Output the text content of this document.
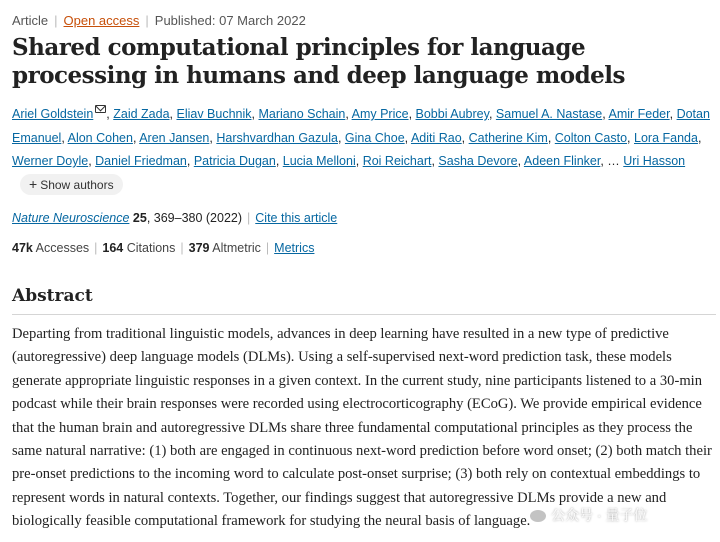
Article | Open access | Published: 07 March 2022
Shared computational principles for language processing in humans and deep language models
Ariel Goldstein , Zaid Zada, Eliav Buchnik, Mariano Schain, Amy Price, Bobbi Aubrey, Samuel A. Nastase, Amir Feder, Dotan Emanuel, Alon Cohen, Aren Jansen, Harshvardhan Gazula, Gina Choe, Aditi Rao, Catherine Kim, Colton Casto, Lora Fanda, Werner Doyle, Daniel Friedman, Patricia Dugan, Lucia Melloni, Roi Reichart, Sasha Devore, Adeen Flinker, … Uri Hasson+ Show authors
Nature Neuroscience 25, 369–380 (2022) | Cite this article
47k Accesses | 164 Citations | 379 Altmetric | Metrics
Abstract

Departing from traditional linguistic models, advances in deep learning have resulted in a new type of predictive (autoregressive) deep language models (DLMs). Using a self-supervised next-word prediction task, these models generate appropriate linguistic responses in a given context. In the current study, nine participants listened to a 30-min podcast while their brain responses were recorded using electrocorticography (ECoG). We provide empirical evidence that the human brain and autoregressive DLMs share three fundamental computational principles as they process the same natural narrative: (1) both are engaged in continuous next-word prediction before word onset; (2) both match their pre-onset predictions to the incoming word to calculate post-onset surprise; (3) both rely on contextual embeddings to represent words in natural contexts. Together, our findings suggest that autoregressive DLMs provide a new and biologically feasible computational framework for studying the neural basis of language.	公众号 · 量子位
